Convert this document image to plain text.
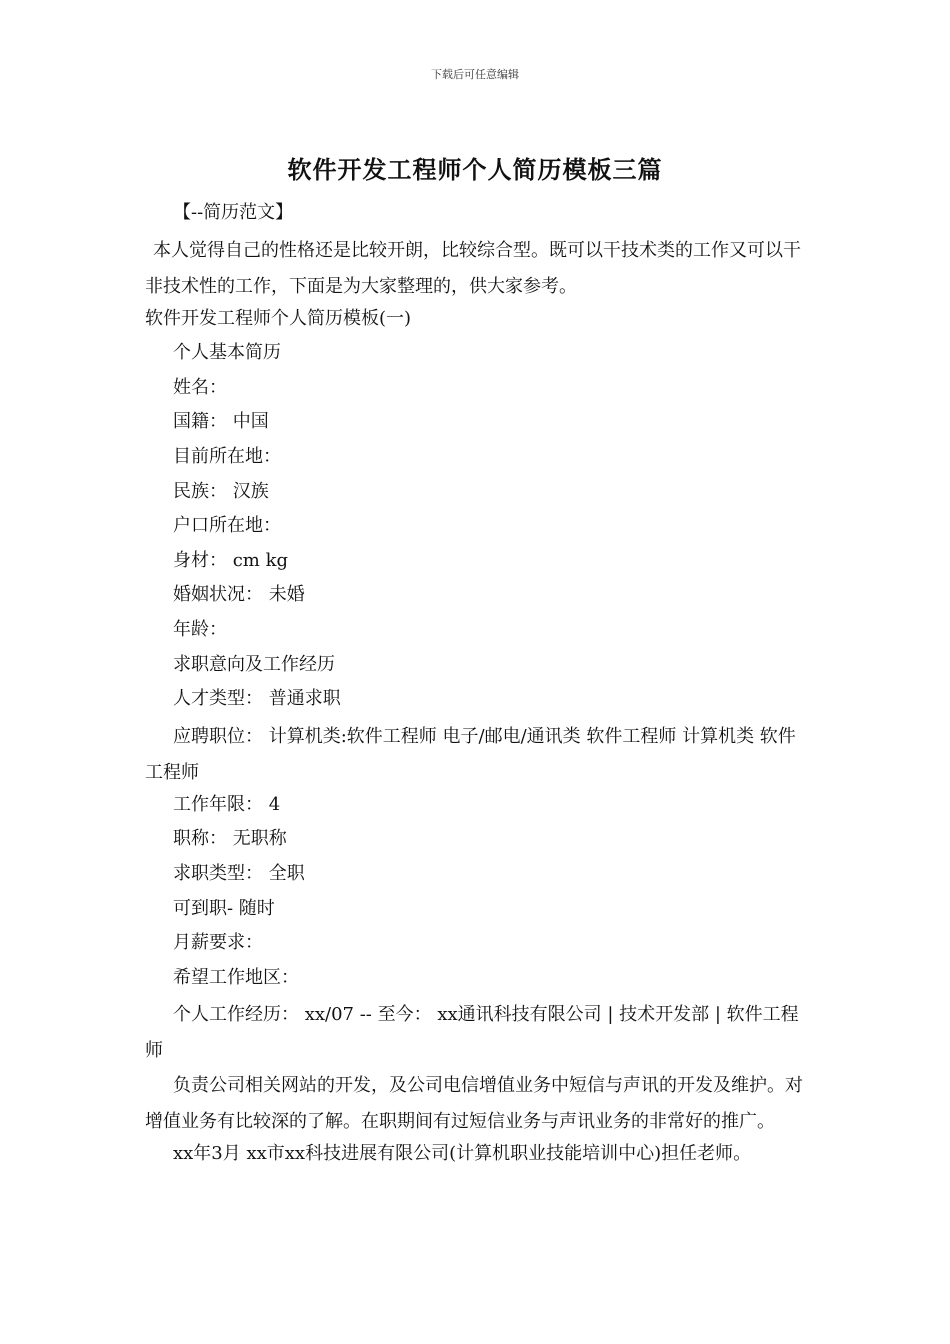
下载后可任意编辑
软件开发工程师个人简历模板三篇
【--简历范文】
本人觉得自己的性格还是比较开朗，比较综合型。既可以干技术类的工作又可以干非技术性的工作，下面是为大家整理的，供大家参考。
软件开发工程师个人简历模板(一)
个人基本简历
姓名：
国籍： 中国
目前所在地：
民族： 汉族
户口所在地：
身材： cm kg
婚姻状况： 未婚
年龄：
求职意向及工作经历
人才类型： 普通求职
应聘职位： 计算机类:软件工程师 电子/邮电/通讯类 软件工程师 计算机类 软件工程师
工作年限： 4
职称： 无职称
求职类型： 全职
可到职- 随时
月薪要求：
希望工作地区：
个人工作经历： xx/07 -- 至今： xx通讯科技有限公司 | 技术开发部 | 软件工程师
负责公司相关网站的开发，及公司电信增值业务中短信与声讯的开发及维护。对增值业务有比较深的了解。在职期间有过短信业务与声讯业务的非常好的推广。
xx年3月 xx市xx科技进展有限公司(计算机职业技能培训中心)担任老师。
